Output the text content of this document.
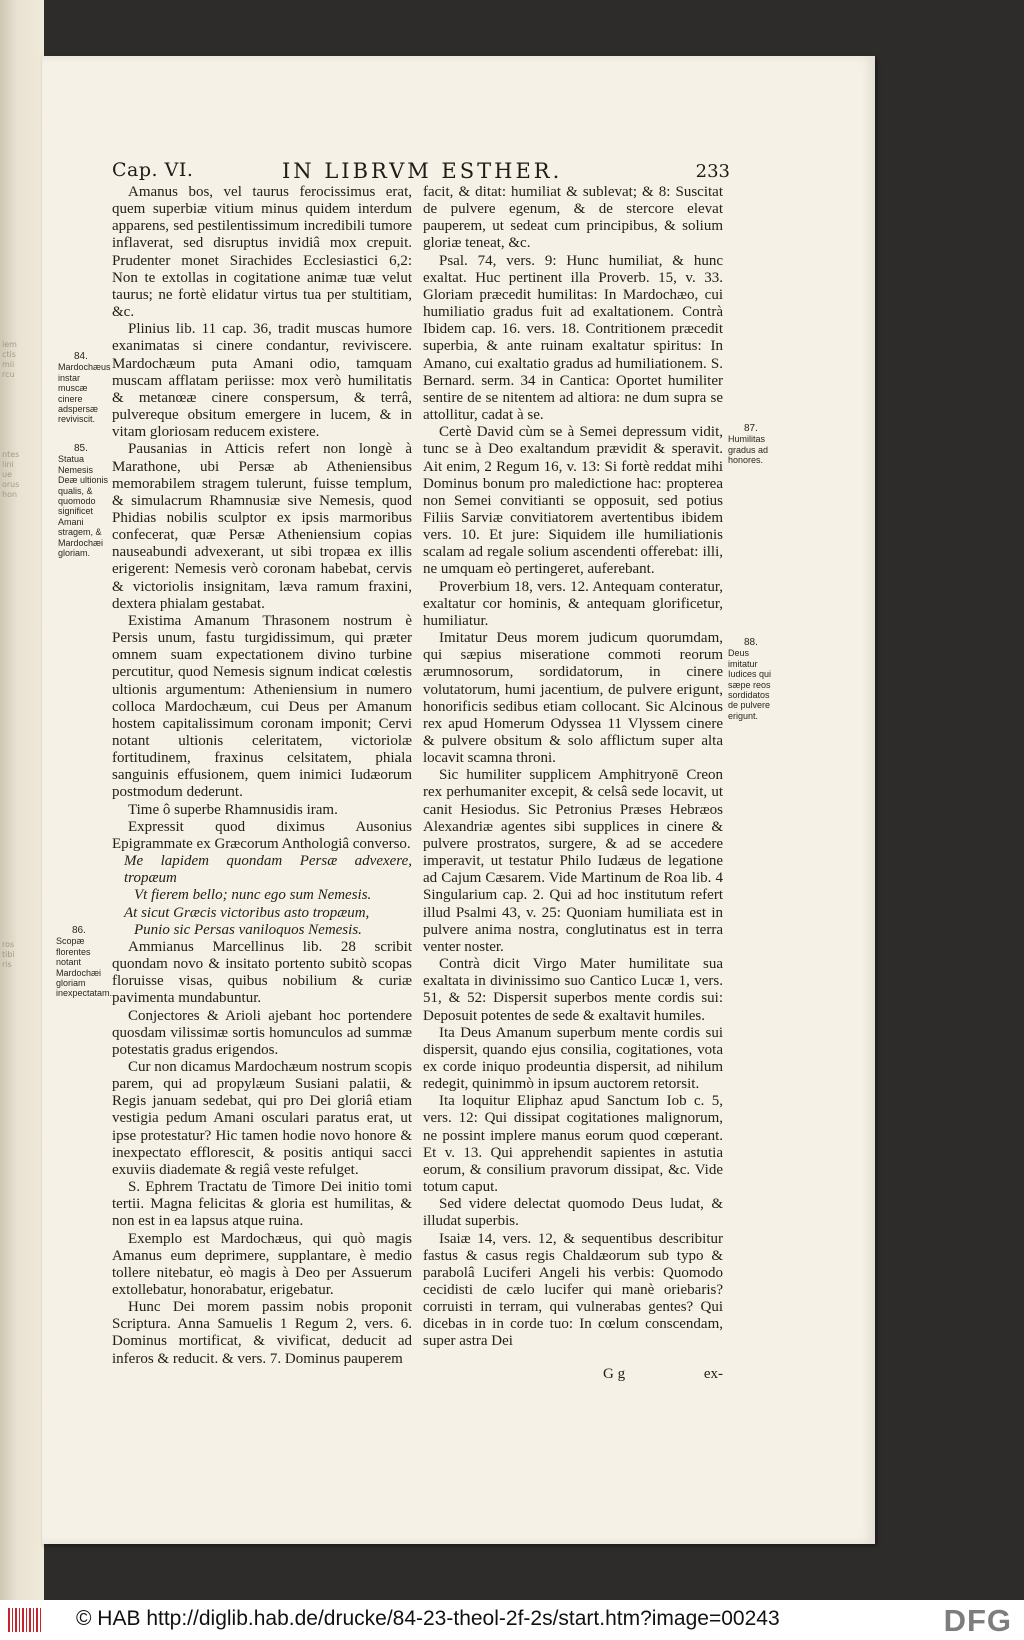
lem
ctis
mii
rcu
ntes
lini
ue
orus
hon
ros
tibi
ris
Cap. VI.	IN LIBRVM ESTHER.	233

Amanus bos, vel taurus ferocissimus erat, quem superbiæ vitium minus quidem interdum apparens, sed pestilentissimum incredibili tumore inflaverat, sed disruptus invidiâ mox crepuit. Prudenter monet Sirachides Ecclesiastici 6,2: Non te extollas in cogitatione animæ tuæ velut taurus; ne fortè elidatur virtus tua per stultitiam, &c.

Plinius lib. 11 cap. 36, tradit muscas humore exanimatas si cinere condantur, reviviscere. Mardochæum puta Amani odio, tamquam muscam afflatam periisse: mox verò humilitatis & metanœæ cinere conspersum, & terrâ, pulvereque obsitum emergere in lucem, & in vitam gloriosam reducem existere.

Pausanias in Atticis refert non longè à Marathone, ubi Persæ ab Atheniensibus memorabilem stragem tulerunt, fuisse templum, & simulacrum Rhamnusiæ sive Nemesis, quod Phidias nobilis sculptor ex ipsis marmoribus confecerat, quæ Persæ Atheniensium copias nauseabundi advexerant, ut sibi tropæa ex illis erigerent: Nemesis verò coronam habebat, cervis & victoriolis insignitam, læva ramum fraxini, dextera phialam gestabat.

Existima Amanum Thrasonem nostrum è Persis unum, fastu turgidissimum, qui præter omnem suam expectationem divino turbine percutitur, quod Nemesis signum indicat cœlestis ultionis argumentum: Atheniensium in numero colloca Mardochæum, cui Deus per Amanum hostem capitalissimum coronam imponit; Cervi notant ultionis celeritatem, victoriolæ fortitudinem, fraxinus celsitatem, phiala sanguinis effusionem, quem inimici Iudæorum postmodum dederunt.

Time ô superbe Rhamnusidis iram.

Expressit quod diximus Ausonius Epigrammate ex Græcorum Anthologiâ converso.

Me lapidem quondam Persæ advexere, tropæum

Vt fierem bello; nunc ego sum Nemesis.

At sicut Græcis victoribus asto tropæum,

Punio sic Persas vaniloquos Nemesis.

Ammianus Marcellinus lib. 28 scribit quondam novo & insitato portento subitò scopas floruisse visas, quibus nobilium & curiæ pavimenta mundabuntur.

Conjectores & Arioli ajebant hoc portendere quosdam vilissimæ sortis homunculos ad summæ potestatis gradus erigendos.

Cur non dicamus Mardochæum nostrum scopis parem, qui ad propylæum Susiani palatii, & Regis januam sedebat, qui pro Dei gloriâ etiam vestigia pedum Amani osculari paratus erat, ut ipse protestatur? Hic tamen hodie novo honore & inexpectato efflorescit, & positis antiqui sacci exuviis diademate & regiâ veste refulget.

S. Ephrem Tractatu de Timore Dei initio tomi tertii. Magna felicitas & gloria est humilitas, & non est in ea lapsus atque ruina.

Exemplo est Mardochæus, qui quò magis Amanus eum deprimere, supplantare, è medio tollere nitebatur, eò magis à Deo per Assuerum extollebatur, honorabatur, erigebatur.

Hunc Dei morem passim nobis proponit Scriptura. Anna Samuelis 1 Regum 2, vers. 6. Dominus mortificat, & vivificat, deducit ad inferos & reducit. & vers. 7. Dominus pauperem

facit, & ditat: humiliat & sublevat; & 8: Suscitat de pulvere egenum, & de stercore elevat pauperem, ut sedeat cum principibus, & solium gloriæ teneat, &c.

Psal. 74, vers. 9: Hunc humiliat, & hunc exaltat. Huc pertinent illa Proverb. 15, v. 33. Gloriam præcedit humilitas: In Mardochæo, cui humiliatio gradus fuit ad exaltationem. Contrà Ibidem cap. 16. vers. 18. Contritionem præcedit superbia, & ante ruinam exaltatur spiritus: In Amano, cui exaltatio gradus ad humiliationem. S. Bernard. serm. 34 in Cantica: Oportet humiliter sentire de se nitentem ad altiora: ne dum supra se attollitur, cadat à se.

Certè David cùm se à Semei depressum vidit, tunc se à Deo exaltandum prævidit & speravit. Ait enim, 2 Regum 16, v. 13: Si fortè reddat mihi Dominus bonum pro maledictione hac: propterea non Semei convitianti se opposuit, sed potius Filiis Sarviæ convitiatorem avertentibus ibidem vers. 10. Et jure: Siquidem ille humiliationis scalam ad regale solium ascendenti offerebat: illi, ne umquam eò pertingeret, auferebant.

Proverbium 18, vers. 12. Antequam conteratur, exaltatur cor hominis, & antequam glorificetur, humiliatur.

Imitatur Deus morem judicum quorumdam, qui sæpius miseratione commoti reorum ærumnosorum, sordidatorum, in cinere volutatorum, humi jacentium, de pulvere erigunt, honorificis sedibus etiam collocant. Sic Alcinous rex apud Homerum Odyssea 11 Vlyssem cinere & pulvere obsitum & solo afflictum super alta locavit scamna throni.

Sic humiliter supplicem Amphitryonē Creon rex perhumaniter excepit, & celsâ sede locavit, ut canit Hesiodus. Sic Petronius Præses Hebræos Alexandriæ agentes sibi supplices in cinere & pulvere prostratos, surgere, & ad se accedere imperavit, ut testatur Philo Iudæus de legatione ad Cajum Cæsarem. Vide Martinum de Roa lib. 4 Singularium cap. 2. Qui ad hoc institutum refert illud Psalmi 43, v. 25: Quoniam humiliata est in pulvere anima nostra, conglutinatus est in terra venter noster.

Contrà dicit Virgo Mater humilitate sua exaltata in divinissimo suo Cantico Lucæ 1, vers. 51, & 52: Dispersit superbos mente cordis sui: Deposuit potentes de sede & exaltavit humiles.

Ita Deus Amanum superbum mente cordis sui dispersit, quando ejus consilia, cogitationes, vota ex corde iniquo prodeuntia dispersit, ad nihilum redegit, quinimmò in ipsum auctorem retorsit.

Ita loquitur Eliphaz apud Sanctum Iob c. 5, vers. 12: Qui dissipat cogitationes malignorum, ne possint implere manus eorum quod cœperant. Et v. 13. Qui apprehendit sapientes in astutia eorum, & consilium pravorum dissipat, &c. Vide totum caput.

Sed videre delectat quomodo Deus ludat, & illudat superbis.

Isaiæ 14, vers. 12, & sequentibus describitur fastus & casus regis Chaldæorum sub typo & parabolâ Luciferi Angeli his verbis: Quomodo cecidisti de cælo lucifer qui manè oriebaris? corruisti in terram, qui vulnerabas gentes? Qui dicebas in in corde tuo: In cœlum conscendam, super astra Dei

G g	ex-
84.
Mardochæus instar muscæ cinere adspersæ reviviscit.
85.
Statua Nemesis Deæ ultionis qualis, & quomodo significet Amani stragem, & Mardochæi gloriam.
86.
Scopæ florentes notant Mardochæi gloriam inexpectatam.
87.
Humilitas gradus ad honores.
88.
Deus imitatur Iudices qui sæpe reos sordidatos de pulvere erigunt.
© HAB http://diglib.hab.de/drucke/84-23-theol-2f-2s/start.htm?image=00243	DFG
